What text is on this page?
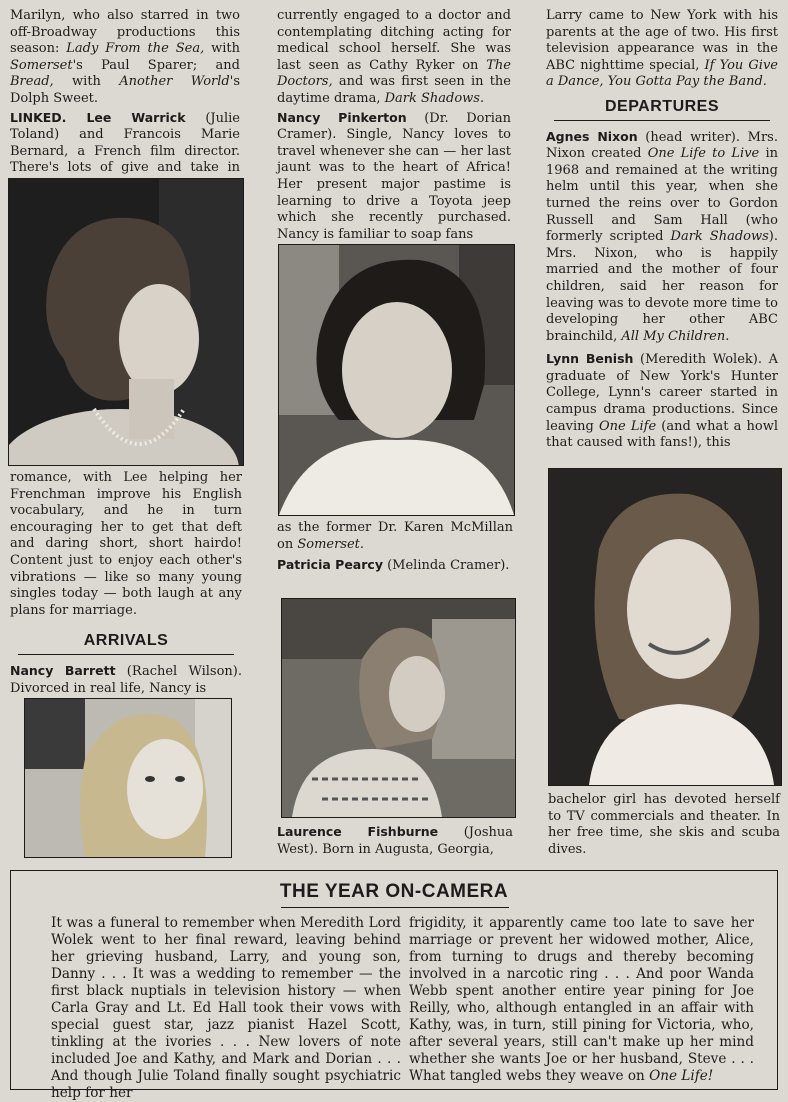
Marilyn, who also starred in two off-Broadway productions this season: Lady From the Sea, with Somerset's Paul Sparer; and Bread, with Another World's Dolph Sweet.

LINKED. Lee Warrick (Julie Toland) and Francois Marie Bernard, a French film director. There's lots of give and take in

romance, with Lee helping her Frenchman improve his English vocabulary, and he in turn encouraging her to get that deft and daring short, short hairdo! Content just to enjoy each other's vibrations — like so many young singles today — both laugh at any plans for marriage.

ARRIVALS

Nancy Barrett (Rachel Wilson). Divorced in real life, Nancy is

currently engaged to a doctor and contemplating ditching acting for medical school herself. She was last seen as Cathy Ryker on The Doctors, and was first seen in the daytime drama, Dark Shadows.

Nancy Pinkerton (Dr. Dorian Cramer). Single, Nancy loves to travel whenever she can — her last jaunt was to the heart of Africa! Her present major pastime is learning to drive a Toyota jeep which she recently purchased. Nancy is familiar to soap fans

as the former Dr. Karen McMillan on Somerset.

Patricia Pearcy (Melinda Cramer).

Laurence Fishburne (Joshua West). Born in Augusta, Georgia,

Larry came to New York with his parents at the age of two. His first television appearance was in the ABC nighttime special, If You Give a Dance, You Gotta Pay the Band.

DEPARTURES

Agnes Nixon (head writer). Mrs. Nixon created One Life to Live in 1968 and remained at the writing helm until this year, when she turned the reins over to Gordon Russell and Sam Hall (who formerly scripted Dark Shadows). Mrs. Nixon, who is happily married and the mother of four children, said her reason for leaving was to devote more time to developing her other ABC brainchild, All My Children.

Lynn Benish (Meredith Wolek). A graduate of New York's Hunter College, Lynn's career started in campus drama productions. Since leaving One Life (and what a howl that caused with fans!), this

bachelor girl has devoted herself to TV commercials and theater. In her free time, she skis and scuba dives.

THE YEAR ON-CAMERA

It was a funeral to remember when Meredith Lord Wolek went to her final reward, leaving behind her grieving husband, Larry, and young son, Danny . . . It was a wedding to remember — the first black nuptials in television history — when Carla Gray and Lt. Ed Hall took their vows with special guest star, jazz pianist Hazel Scott, tinkling at the ivories . . . New lovers of note included Joe and Kathy, and Mark and Dorian . . . And though Julie Toland finally sought psychiatric help for her

frigidity, it apparently came too late to save her marriage or prevent her widowed mother, Alice, from turning to drugs and thereby becoming involved in a narcotic ring . . . And poor Wanda Webb spent another entire year pining for Joe Reilly, who, although entangled in an affair with Kathy, was, in turn, still pining for Victoria, who, after several years, still can't make up her mind whether she wants Joe or her husband, Steve . . . What tangled webs they weave on One Life!
